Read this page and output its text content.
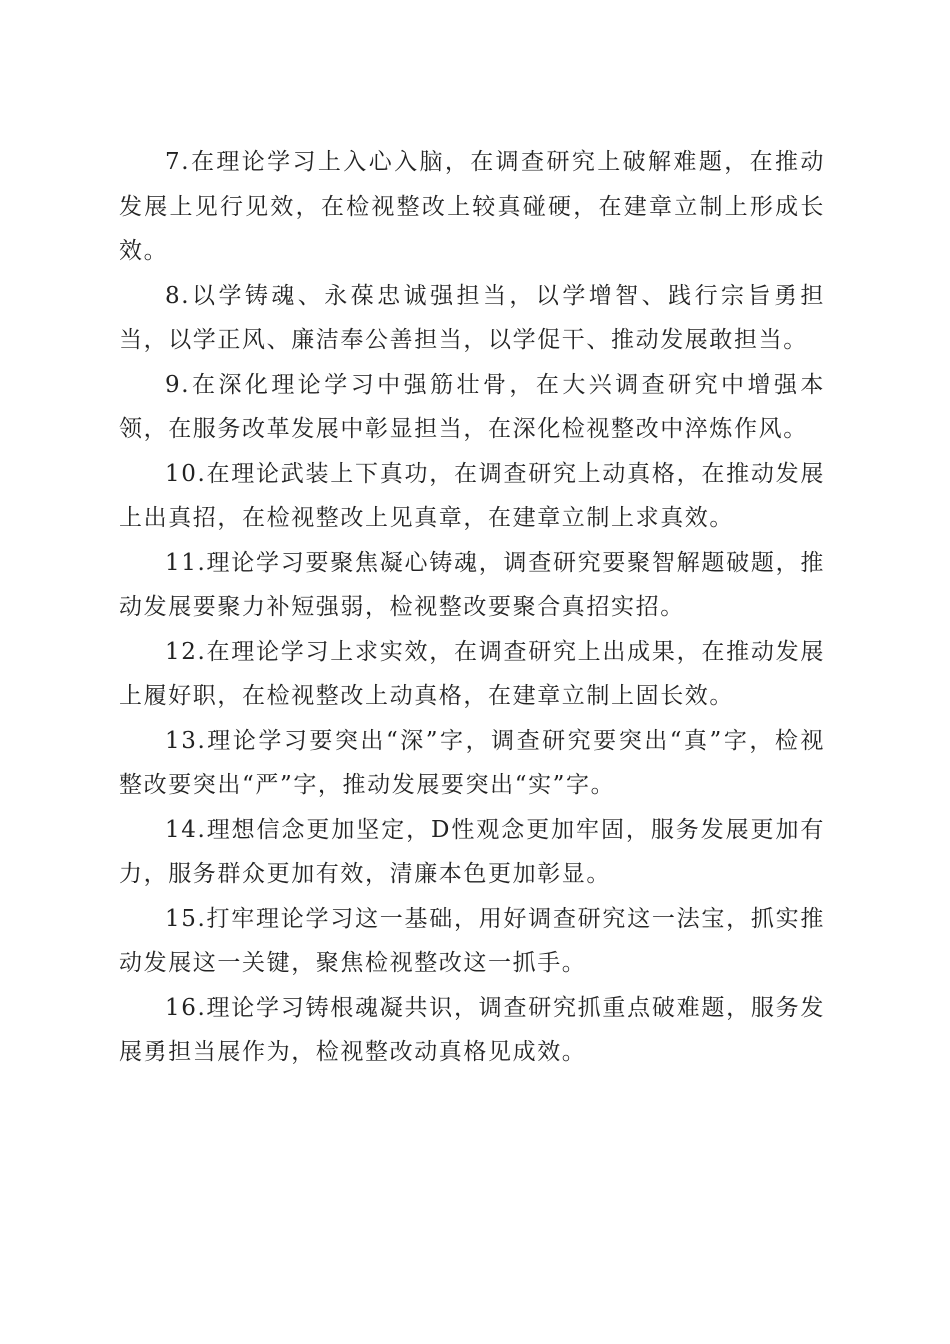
7.在理论学习上入心入脑，在调查研究上破解难题，在推动发展上见行见效，在检视整改上较真碰硬，在建章立制上形成长效。

8.以学铸魂、永葆忠诚强担当，以学增智、践行宗旨勇担当，以学正风、廉洁奉公善担当，以学促干、推动发展敢担当。

9.在深化理论学习中强筋壮骨，在大兴调查研究中增强本领，在服务改革发展中彰显担当，在深化检视整改中淬炼作风。

10.在理论武装上下真功，在调查研究上动真格，在推动发展上出真招，在检视整改上见真章，在建章立制上求真效。

11.理论学习要聚焦凝心铸魂，调查研究要聚智解题破题，推动发展要聚力补短强弱，检视整改要聚合真招实招。

12.在理论学习上求实效，在调查研究上出成果，在推动发展上履好职，在检视整改上动真格，在建章立制上固长效。

13.理论学习要突出“深”字，调查研究要突出“真”字，检视整改要突出“严”字，推动发展要突出“实”字。

14.理想信念更加坚定，D性观念更加牢固，服务发展更加有力，服务群众更加有效，清廉本色更加彰显。

15.打牢理论学习这一基础，用好调查研究这一法宝，抓实推动发展这一关键，聚焦检视整改这一抓手。

16.理论学习铸根魂凝共识，调查研究抓重点破难题，服务发展勇担当展作为，检视整改动真格见成效。
